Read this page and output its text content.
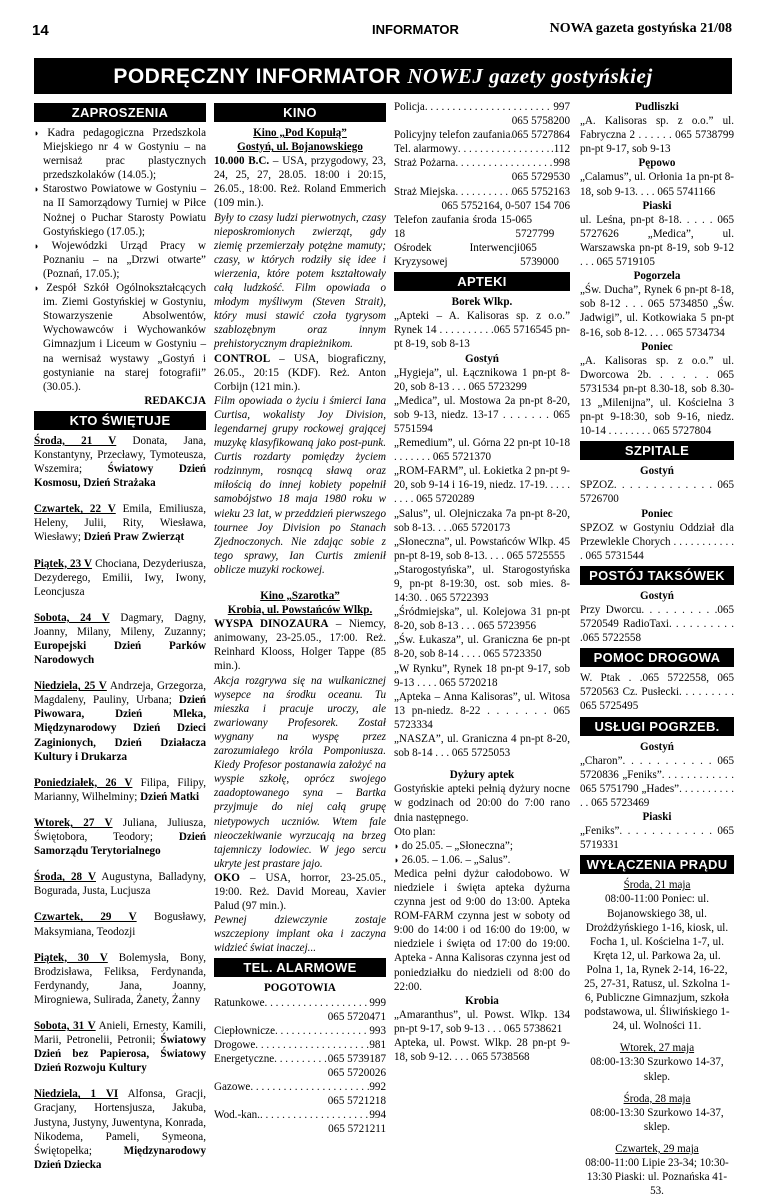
14	INFORMATOR	NOWA gazeta gostyńska 21/08
PODRĘCZNY INFORMATOR NOWEJ gazety gostyńskiej
ZAPROSZENIA

◗ Kadra pedagogiczna Przedszkola Miejskiego nr 4 w Gostyniu – na wernisaż prac plastycznych przedszkolaków (14.05.);

◗ Starostwo Powiatowe w Gostyniu – na II Samorządowy Turniej w Piłce Nożnej o Puchar Starosty Powiatu Gostyńskiego (17.05.);

◗ Wojewódzki Urząd Pracy w Poznaniu – na „Drzwi otwarte” (Poznań, 17.05.);

◗ Zespół Szkół Ogólnokształcących im. Ziemi Gostyńskiej w Gostyniu, Stowarzyszenie Absolwentów, Wychowawców i Wychowanków Gimnazjum i Liceum w Gostyniu – na wernisaż wystawy „Gostyń i gostynianie na starej fotografii” (30.05.).

REDAKCJA

KTO ŚWIĘTUJE

Środa, 21 V Donata, Jana, Konstantyny, Przecławy, Tymoteusza, Wszemira; Światowy Dzień Kosmosu, Dzień Strażaka

Czwartek, 22 V Emila, Emiliusza, Heleny, Julii, Rity, Wiesława, Wiesławy; Dzień Praw Zwierząt

Piątek, 23 V Chociana, Dezyderiusza, Dezyderego, Emilii, Iwy, Iwony, Leoncjusza

Sobota, 24 V Dagmary, Dagny, Joanny, Milany, Mileny, Zuzanny; Europejski Dzień Parków Narodowych

Niedziela, 25 V Andrzeja, Grzegorza, Magdaleny, Pauliny, Urbana; Dzień Piwowara, Dzień Mleka, Międzynarodowy Dzień Dzieci Zaginionych, Dzień Działacza Kultury i Drukarza

Poniedziałek, 26 V Filipa, Filipy, Marianny, Wilhelminy; Dzień Matki

Wtorek, 27 V Juliana, Juliusza, Świętobora, Teodory; Dzień Samorządu Terytorialnego

Środa, 28 V Augustyna, Balladyny, Bogurada, Justa, Lucjusza

Czwartek, 29 V Bogusławy, Maksymiana, Teodozji

Piątek, 30 V Bolemysła, Bony, Brodzisława, Feliksa, Ferdynanda, Ferdynandy, Jana, Joanny, Mirogniewa, Sulirada, Żanety, Żanny

Sobota, 31 V Anieli, Ernesty, Kamili, Marii, Petronelii, Petronii; Światowy Dzień bez Papierosa, Światowy Dzień Rozwoju Kultury

Niedziela, 1 VI Alfonsa, Gracji, Gracjany, Hortensjusza, Jakuba, Justyna, Justyny, Juwentyna, Konrada, Nikodema, Pameli, Symeona, Świętopełka; Międzynarodowy Dzień Dziecka

KINO

Kino „Pod Kopułą”

Gostyń, ul. Bojanowskiego

10.000 B.C. – USA, przygodowy, 23, 24, 25, 27, 28.05. 18:00 i 20:15, 26.05., 18:00. Reż. Roland Emmerich (109 min.).

Były to czasy ludzi pierwotnych, czasy nieposkromionych zwierząt, gdy ziemię przemierzały potężne mamuty; czasy, w których rodziły się idee i wierzenia, które potem kształtowały całą ludzkość. Film opowiada o młodym myśliwym (Steven Strait), który musi stawić czoła tygrysom szablozębnym oraz innym prehistorycznym drapieżnikom.

CONTROL – USA, biograficzny, 26.05., 20:15 (KDF). Reż. Anton Corbijn (121 min.).

Film opowiada o życiu i śmierci Iana Curtisa, wokalisty Joy Division, legendarnej grupy rockowej grającej muzykę klasyfikowaną jako post-punk. Curtis rozdarty pomiędzy życiem rodzinnym, rosnącą sławą oraz miłością do innej kobiety popełnił samobójstwo 18 maja 1980 roku w wieku 23 lat, w przeddzień pierwszego tournee Joy Division po Stanach Zjednoczonych. Nie zdając sobie z tego sprawy, Ian Curtis zmienił oblicze muzyki rockowej.

Kino „Szarotka”

Krobia, ul. Powstańców Wlkp.

WYSPA DINOZAURA – Niemcy, animowany, 23-25.05., 17:00. Reż. Reinhard Klooss, Holger Tappe (85 min.).

Akcja rozgrywa się na wulkanicznej wysepce na środku oceanu. Tu mieszka i pracuje uroczy, ale zwariowany Profesorek. Został wygnany na wyspę przez zarozumiałego króla Pomponiusza. Kiedy Profesor postanawia założyć na wyspie szkołę, oprócz swojego zaadoptowanego syna – Bartka przyjmuje do niej całą grupę nietypowych uczniów. Wtem fale nieoczekiwanie wyrzucają na brzeg tajemniczy lodowiec. W jego sercu ukryte jest prastare jajo.

OKO – USA, horror, 23-25.05., 19:00. Reż. David Moreau, Xavier Palud (97 min.).

Pewnej dziewczynie zostaje wszczepiony implant oka i zaczyna widzieć świat inaczej...

TEL. ALARMOWE

POGOTOWIA

Ratunkowe . . .	999

065 5720471

Ciepłownicze . . .	993
Drogowe . . .	981
Energetyczne . . .	065 5739187

065 5720026

Gazowe . . .	992

065 5721218

Wod.-kan. . . .	994

065 5721211

Policja . . .	997

065 5758200

Policyjny telefon zaufania . . . 065 5727864
Tel. alarmowy . . .	.112
Straż Pożarna . . .	998

065 5729530

Straż Miejska . . .	065 5752163

065 5752164, 0-507 154 706

Telefon zaufania środa 15-18
065 5727799
Ośrodek Interwencji Kryzysowej
065 5739000
APTEKI

Borek Wlkp.

„Apteki – A. Kalisoras sp. z o.o.” Rynek 14 . . . . . . . . . .065 5716545 pn-pt 8-19, sob 8-13

Gostyń

„Hygieja”, ul. Łącznikowa 1 pn-pt 8-20, sob 8-13 . . . 065 5723299

„Medica”, ul. Mostowa 2a pn-pt 8-20, sob 9-13, niedz. 13-17 . . . . . . . 065 5751594

„Remedium”, ul. Górna 22 pn-pt 10-18 . . . . . . . 065 5721370

„ROM-FARM”, ul. Łokietka 2 pn-pt 9-20, sob 9-14 i 16-19, niedz. 17-19. . . . . . . . . 065 5720289

„Salus”, ul. Olejniczaka 7a pn-pt 8-20, sob 8-13. . . .065 5720173

„Słoneczna”, ul. Powstańców Wlkp. 45 pn-pt 8-19, sob 8-13. . . . 065 5725555

„Starogostyńska”, ul. Starogostyńska 9, pn-pt 8-19:30, ost. sob mies. 8-14:30. . 065 5722393

„Śródmiejska”, ul. Kolejowa 31 pn-pt 8-20, sob 8-13 . . . 065 5723956

„Św. Łukasza”, ul. Graniczna 6e pn-pt 8-20, sob 8-14 . . . . 065 5723350

„W Rynku”, Rynek 18 pn-pt 9-17, sob 9-13 . . . . 065 5720218

„Apteka – Anna Kalisoras”, ul. Witosa 13 pn-niedz. 8-22 . . . . . . . 065 5723334

„NASZA”, ul. Graniczna 4 pn-pt 8-20, sob 8-14 . . . 065 5725053

Dyżury aptek

Gostyńskie apteki pełnią dyżury nocne w godzinach od 20:00 do 7:00 rano dnia następnego.

Oto plan:

◗ do 25.05. – „Słoneczna”;

◗ 26.05. – 1.06. – „Salus”.

Medica pełni dyżur całodobowo. W niedziele i święta apteka dyżurna czynna jest od 9:00 do 13:00. Apteka ROM-FARM czynna jest w soboty od 9:00 do 14:00 i od 16:00 do 19:00, w niedziele i święta od 17:00 do 19:00. Apteka - Anna Kalisoras czynna jest od poniedziałku do niedzieli od 8:00 do 22:00.

Krobia

„Amaranthus”, ul. Powst. Wlkp. 134 pn-pt 9-17, sob 9-13 . . . 065 5738621

Apteka, ul. Powst. Wlkp. 28 pn-pt 9-18, sob 9-12. . . . 065 5738568

Pudliszki

„A. Kalisoras sp. z o.o.” ul. Fabryczna 2 . . . . . . 065 5738799 pn-pt 9-17, sob 9-13

Pępowo

„Calamus”, ul. Orłonia 1a pn-pt 8-18, sob 9-13. . . . 065 5741166

Piaski

ul. Leśna, pn-pt 8-18. . . . . 065 5727626 „Medica”, ul. Warszawska pn-pt 8-19, sob 9-12 . . . 065 5719105

Pogorzela

„Św. Ducha”, Rynek 6 pn-pt 8-18, sob 8-12 . . . 065 5734850 „Św. Jadwigi”, ul. Kotkowiaka 5 pn-pt 8-16, sob 8-12. . . . 065 5734734

Poniec

„A. Kalisoras sp. z o.o.” ul. Dworcowa 2b. . . . . . 065 5731534 pn-pt 8.30-18, sob 8.30-13 „Milenijna”, ul. Kościelna 3 pn-pt 9-18:30, sob 9-16, niedz. 10-14 . . . . . . . . 065 5727804

SZPITALE

Gostyń

SPZOZ. . . . . . . . . . . . . 065 5726700

Poniec

SPZOZ w Gostyniu Oddział dla Przewlekle Chorych . . . . . . . . . . . . 065 5731544

POSTÓJ TAKSÓWEK

Gostyń

Przy Dworcu. . . . . . . . . .065 5720549 RadioTaxi. . . . . . . . . . .065 5722558

POMOC DROGOWA

W. Ptak . .065 5722558, 065 5720563 Cz. Pusłecki. . . . . . . . . 065 5725495

USŁUGI POGRZEB.

Gostyń

„Charon”. . . . . . . . . . . 065 5720836 „Feniks”. . . . . . . . . . . . 065 5751790 „Hades”. . . . . . . . . . . . 065 5723469

Piaski

„Feniks”. . . . . . . . . . . . 065 5719331

WYŁĄCZENIA PRĄDU

Środa, 21 maja

08:00-11:00 Poniec: ul. Bojanowskiego 38, ul. Drożdżyńskiego 1-16, kiosk, ul. Focha 1, ul. Kościelna 1-7, ul. Kręta 12, ul. Parkowa 2a, ul. Polna 1, 1a, Rynek 2-14, 16-22, 25, 27-31, Ratusz, ul. Szkolna 1-6, Publiczne Gimnazjum, szkoła podstawowa, ul. Śliwińskiego 1-24, ul. Wolności 11.

Wtorek, 27 maja

08:00-13:30 Szurkowo 14-37, sklep.

Środa, 28 maja

08:00-13:30 Szurkowo 14-37, sklep.

Czwartek, 29 maja

08:00-11:00 Lipie 23-34; 10:30-13:30 Piaski: ul. Poznańska 41-53.
